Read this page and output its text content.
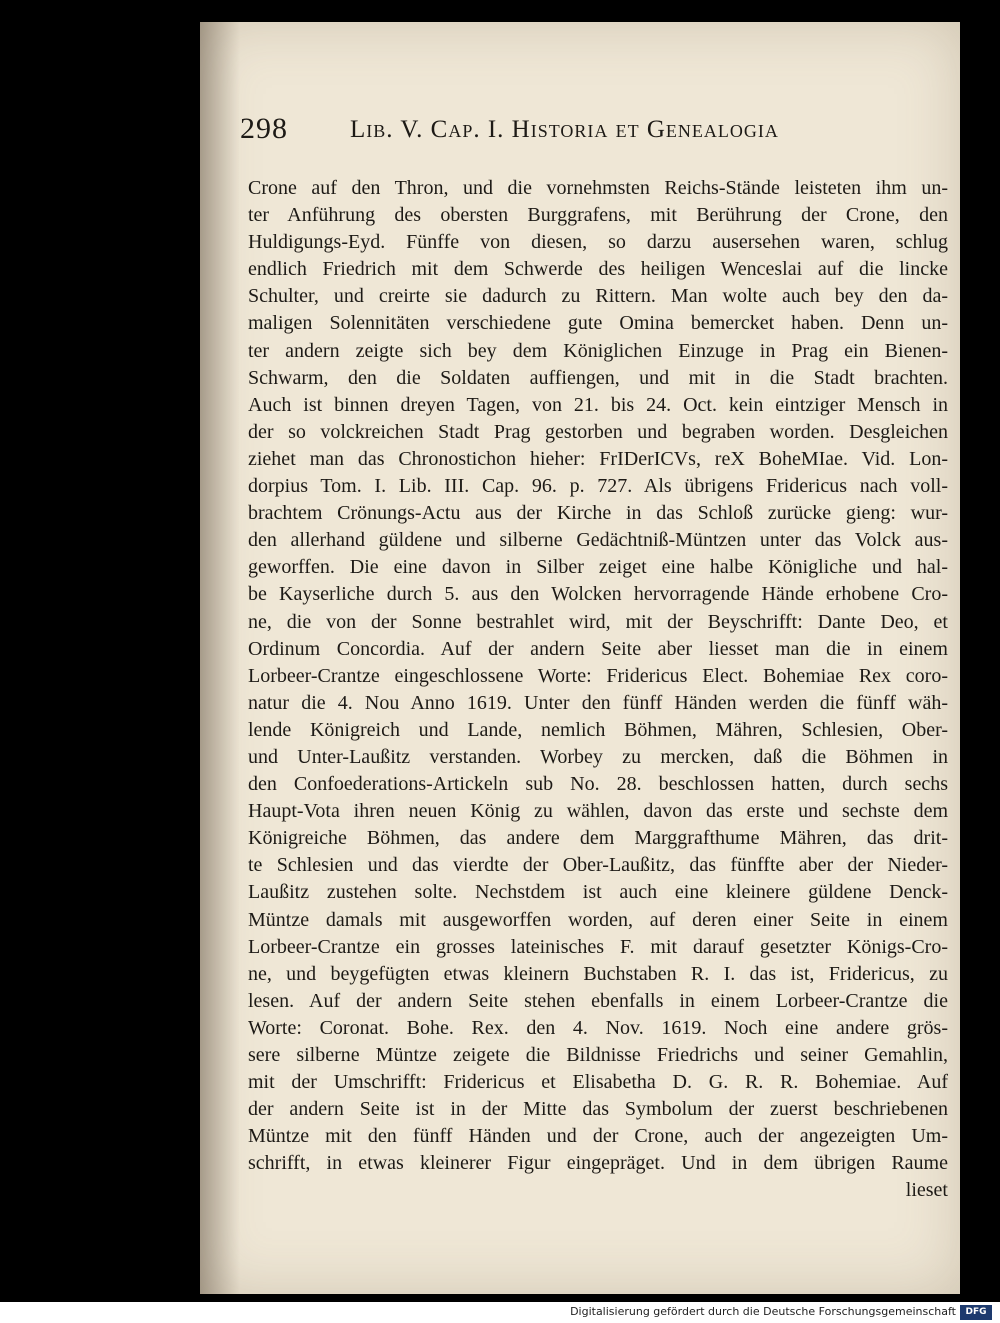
298 Lib. V. Cap. I. Historia et Genealogia
Crone auf den Thron, und die vornehmsten Reichs-Stände leisteten ihm un-
ter Anführung des obersten Burggrafens, mit Berührung der Crone, den
Huldigungs-Eyd. Fünffe von diesen, so darzu ausersehen waren, schlug
endlich Friedrich mit dem Schwerde des heiligen Wenceslai auf die lincke
Schulter, und creirte sie dadurch zu Rittern. Man wolte auch bey den da-
maligen Solennitäten verschiedene gute Omina bemercket haben. Denn un-
ter andern zeigte sich bey dem Königlichen Einzuge in Prag ein Bienen-
Schwarm, den die Soldaten auffiengen, und mit in die Stadt brachten.
Auch ist binnen dreyen Tagen, von 21. bis 24. Oct. kein eintziger Mensch in
der so volckreichen Stadt Prag gestorben und begraben worden. Desgleichen
ziehet man das Chronostichon hieher: FrIDerICVs, reX BoheMIae. Vid. Lon-
dorpius Tom. I. Lib. III. Cap. 96. p. 727. Als übrigens Fridericus nach voll-
brachtem Crönungs-Actu aus der Kirche in das Schloß zurücke gieng: wur-
den allerhand güldene und silberne Gedächtniß-Müntzen unter das Volck aus-
geworffen. Die eine davon in Silber zeiget eine halbe Königliche und hal-
be Kayserliche durch 5. aus den Wolcken hervorragende Hände erhobene Cro-
ne, die von der Sonne bestrahlet wird, mit der Beyschrifft: Dante Deo, et
Ordinum Concordia. Auf der andern Seite aber liesset man die in einem
Lorbeer-Crantze eingeschlossene Worte: Fridericus Elect. Bohemiae Rex coro-
natur die 4. Nou Anno 1619. Unter den fünff Händen werden die fünff wäh-
lende Königreich und Lande, nemlich Böhmen, Mähren, Schlesien, Ober-
und Unter-Laußitz verstanden. Worbey zu mercken, daß die Böhmen in
den Confoederations-Artickeln sub No. 28. beschlossen hatten, durch sechs
Haupt-Vota ihren neuen König zu wählen, davon das erste und sechste dem
Königreiche Böhmen, das andere dem Marggrafthume Mähren, das drit-
te Schlesien und das vierdte der Ober-Laußitz, das fünffte aber der Nieder-
Laußitz zustehen solte. Nechstdem ist auch eine kleinere güldene Denck-
Müntze damals mit ausgeworffen worden, auf deren einer Seite in einem
Lorbeer-Crantze ein grosses lateinisches F. mit darauf gesetzter Königs-Cro-
ne, und beygefügten etwas kleinern Buchstaben R. I. das ist, Fridericus, zu
lesen. Auf der andern Seite stehen ebenfalls in einem Lorbeer-Crantze die
Worte: Coronat. Bohe. Rex. den 4. Nov. 1619. Noch eine andere grös-
sere silberne Müntze zeigete die Bildnisse Friedrichs und seiner Gemahlin,
mit der Umschrifft: Fridericus et Elisabetha D. G. R. R. Bohemiae. Auf
der andern Seite ist in der Mitte das Symbolum der zuerst beschriebenen
Müntze mit den fünff Händen und der Crone, auch der angezeigten Um-
schrifft, in etwas kleinerer Figur eingepräget. Und in dem übrigen Raume
lieset
Digitalisierung gefördert durch die Deutsche Forschungsgemeinschaft	DFG
